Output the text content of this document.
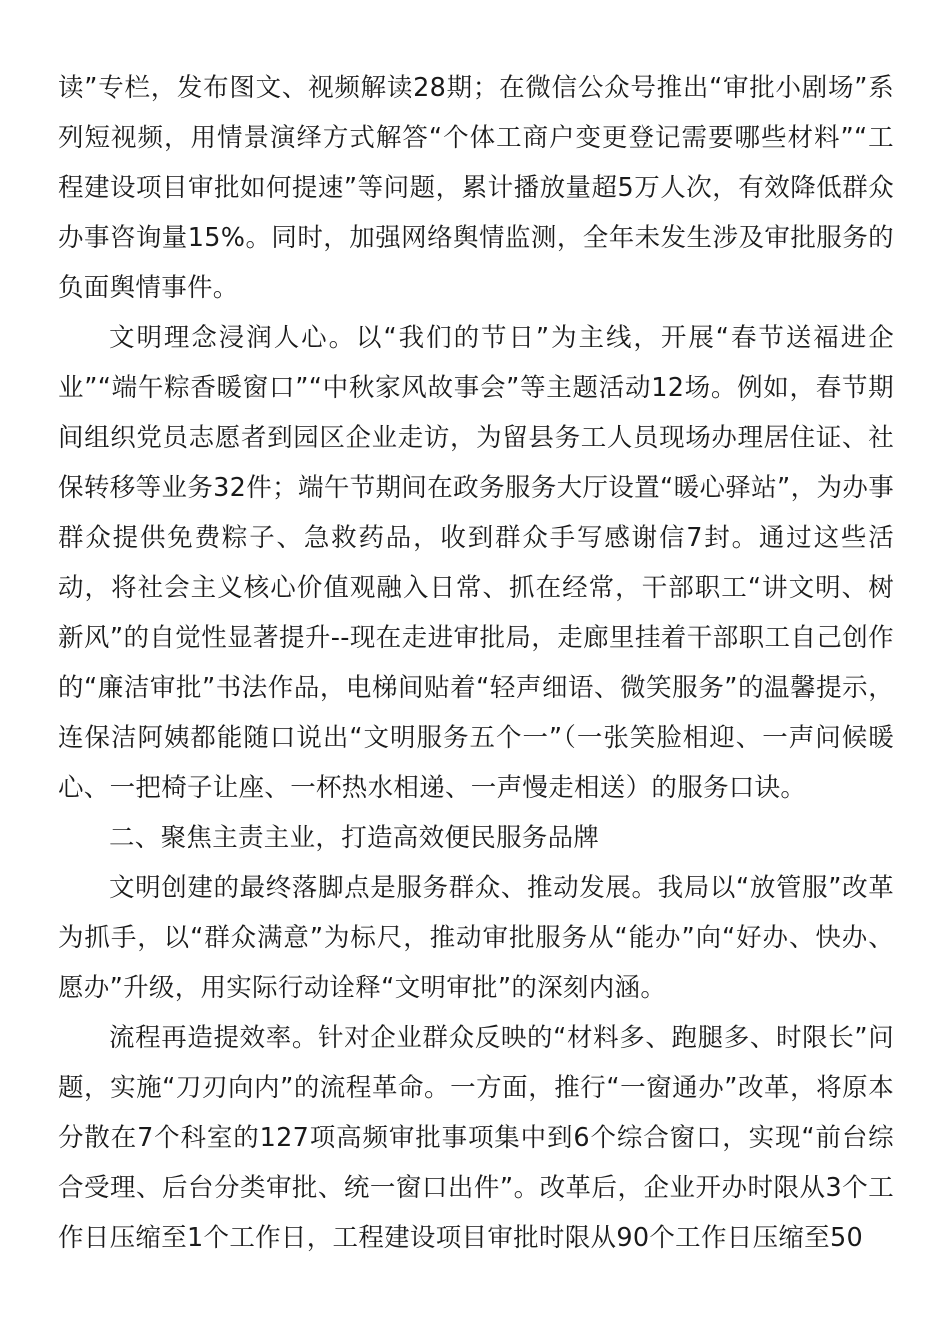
读”专栏，发布图文、视频解读28期；在微信公众号推出“审批小剧场”系列短视频，用情景演绎方式解答“个体工商户变更登记需要哪些材料”“工程建设项目审批如何提速”等问题，累计播放量超5万人次，有效降低群众办事咨询量15%。同时，加强网络舆情监测，全年未发生涉及审批服务的负面舆情事件。

文明理念浸润人心。以“我们的节日”为主线，开展“春节送福进企业”“端午粽香暖窗口”“中秋家风故事会”等主题活动12场。例如，春节期间组织党员志愿者到园区企业走访，为留县务工人员现场办理居住证、社保转移等业务32件；端午节期间在政务服务大厅设置“暖心驿站”，为办事群众提供免费粽子、急救药品，收到群众手写感谢信7封。通过这些活动，将社会主义核心价值观融入日常、抓在经常，干部职工“讲文明、树新风”的自觉性显著提升--现在走进审批局，走廊里挂着干部职工自己创作的“廉洁审批”书法作品，电梯间贴着“轻声细语、微笑服务”的温馨提示，连保洁阿姨都能随口说出“文明服务五个一”（一张笑脸相迎、一声问候暖心、一把椅子让座、一杯热水相递、一声慢走相送）的服务口诀。

二、聚焦主责主业，打造高效便民服务品牌

文明创建的最终落脚点是服务群众、推动发展。我局以“放管服”改革为抓手，以“群众满意”为标尺，推动审批服务从“能办”向“好办、快办、愿办”升级，用实际行动诠释“文明审批”的深刻内涵。

流程再造提效率。针对企业群众反映的“材料多、跑腿多、时限长”问题，实施“刀刃向内”的流程革命。一方面，推行“一窗通办”改革，将原本分散在7个科室的127项高频审批事项集中到6个综合窗口，实现“前台综合受理、后台分类审批、统一窗口出件”。改革后，企业开办时限从3个工作日压缩至1个工作日，工程建设项目审批时限从90个工作日压缩至50
